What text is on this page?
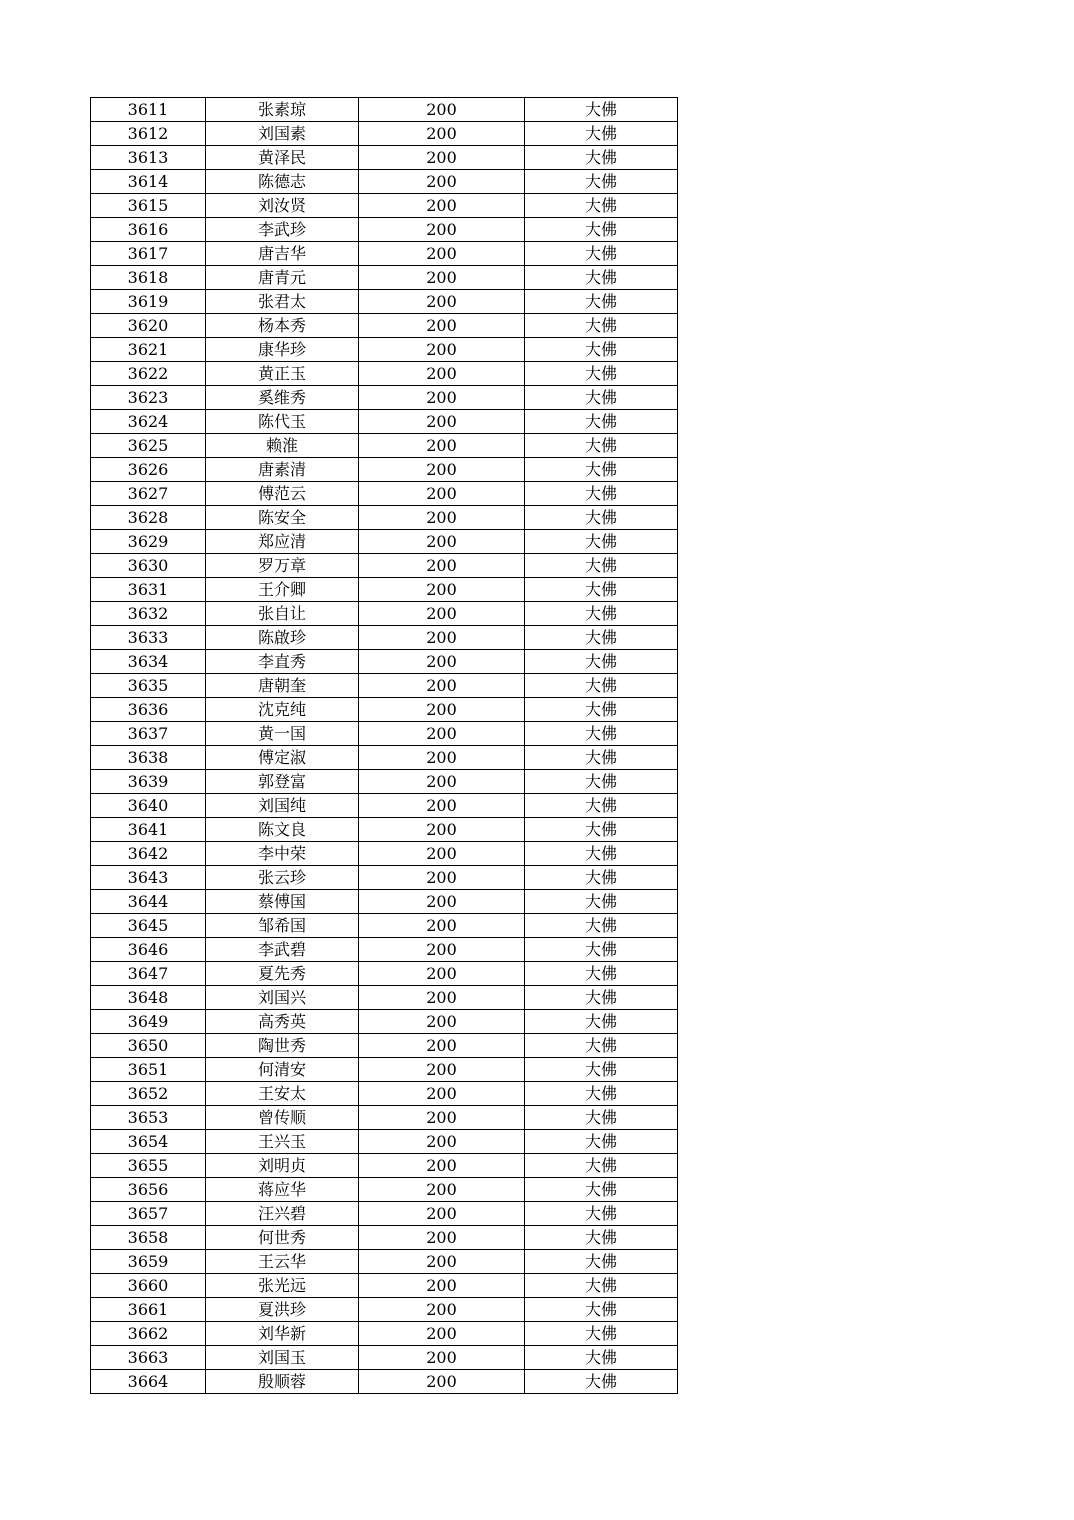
3611	张素琼	200	大佛
3612	刘国素	200	大佛
3613	黄泽民	200	大佛
3614	陈德志	200	大佛
3615	刘汝贤	200	大佛
3616	李武珍	200	大佛
3617	唐吉华	200	大佛
3618	唐青元	200	大佛
3619	张君太	200	大佛
3620	杨本秀	200	大佛
3621	康华珍	200	大佛
3622	黄正玉	200	大佛
3623	奚维秀	200	大佛
3624	陈代玉	200	大佛
3625	赖淮	200	大佛
3626	唐素清	200	大佛
3627	傅范云	200	大佛
3628	陈安全	200	大佛
3629	郑应清	200	大佛
3630	罗万章	200	大佛
3631	王介卿	200	大佛
3632	张自让	200	大佛
3633	陈啟珍	200	大佛
3634	李直秀	200	大佛
3635	唐朝奎	200	大佛
3636	沈克纯	200	大佛
3637	黄一国	200	大佛
3638	傅定淑	200	大佛
3639	郭登富	200	大佛
3640	刘国纯	200	大佛
3641	陈文良	200	大佛
3642	李中荣	200	大佛
3643	张云珍	200	大佛
3644	蔡傅国	200	大佛
3645	邹希国	200	大佛
3646	李武碧	200	大佛
3647	夏先秀	200	大佛
3648	刘国兴	200	大佛
3649	高秀英	200	大佛
3650	陶世秀	200	大佛
3651	何清安	200	大佛
3652	王安太	200	大佛
3653	曾传顺	200	大佛
3654	王兴玉	200	大佛
3655	刘明贞	200	大佛
3656	蒋应华	200	大佛
3657	汪兴碧	200	大佛
3658	何世秀	200	大佛
3659	王云华	200	大佛
3660	张光远	200	大佛
3661	夏洪珍	200	大佛
3662	刘华新	200	大佛
3663	刘国玉	200	大佛
3664	殷顺蓉	200	大佛
